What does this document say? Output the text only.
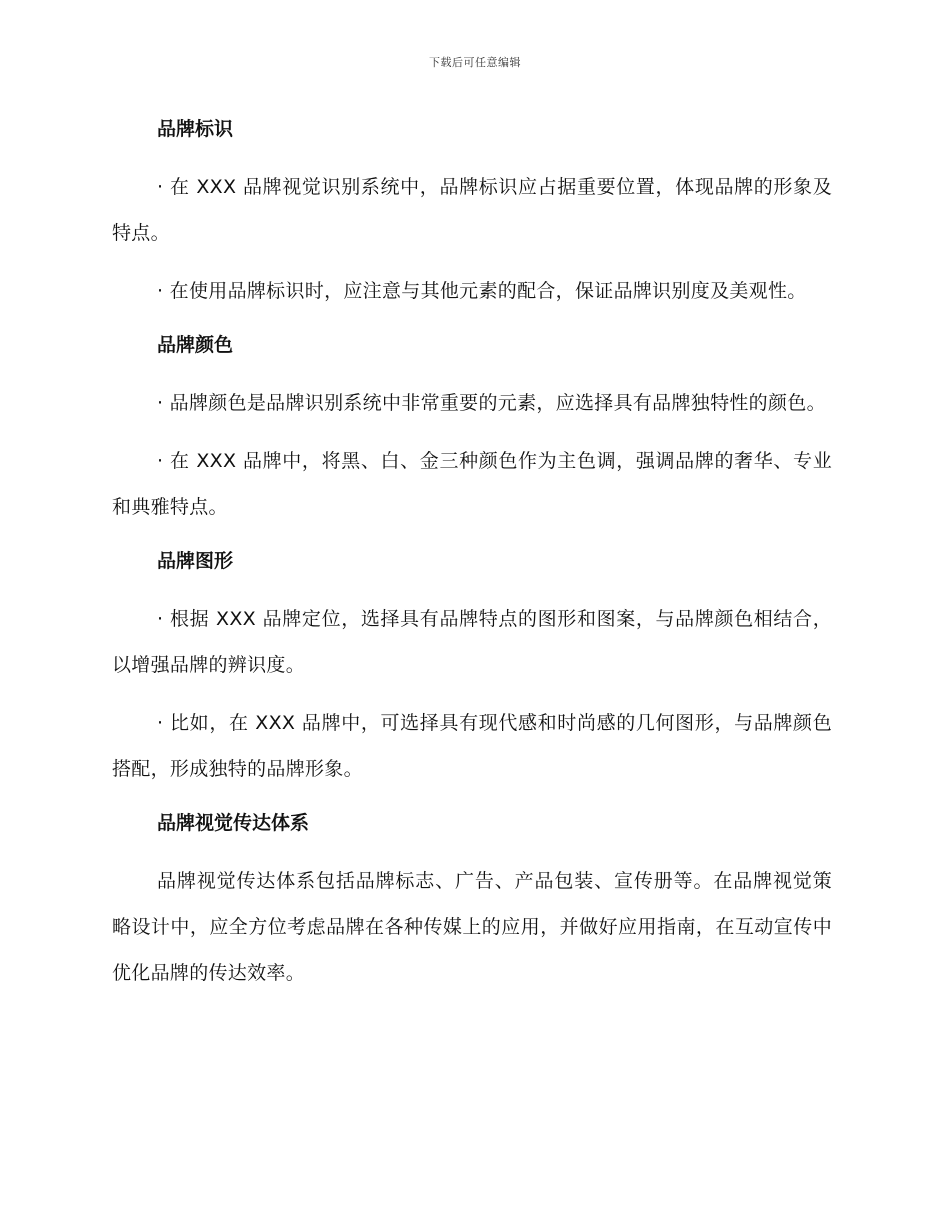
下载后可任意编辑
品牌标识

· 在 XXX 品牌视觉识别系统中，品牌标识应占据重要位置，体现品牌的形象及特点。

· 在使用品牌标识时，应注意与其他元素的配合，保证品牌识别度及美观性。

品牌颜色

· 品牌颜色是品牌识别系统中非常重要的元素，应选择具有品牌独特性的颜色。

· 在 XXX 品牌中，将黑、白、金三种颜色作为主色调，强调品牌的奢华、专业和典雅特点。

品牌图形

· 根据 XXX 品牌定位，选择具有品牌特点的图形和图案，与品牌颜色相结合，以增强品牌的辨识度。

· 比如，在 XXX 品牌中，可选择具有现代感和时尚感的几何图形，与品牌颜色搭配，形成独特的品牌形象。

品牌视觉传达体系

品牌视觉传达体系包括品牌标志、广告、产品包装、宣传册等。在品牌视觉策略设计中，应全方位考虑品牌在各种传媒上的应用，并做好应用指南，在互动宣传中优化品牌的传达效率。
